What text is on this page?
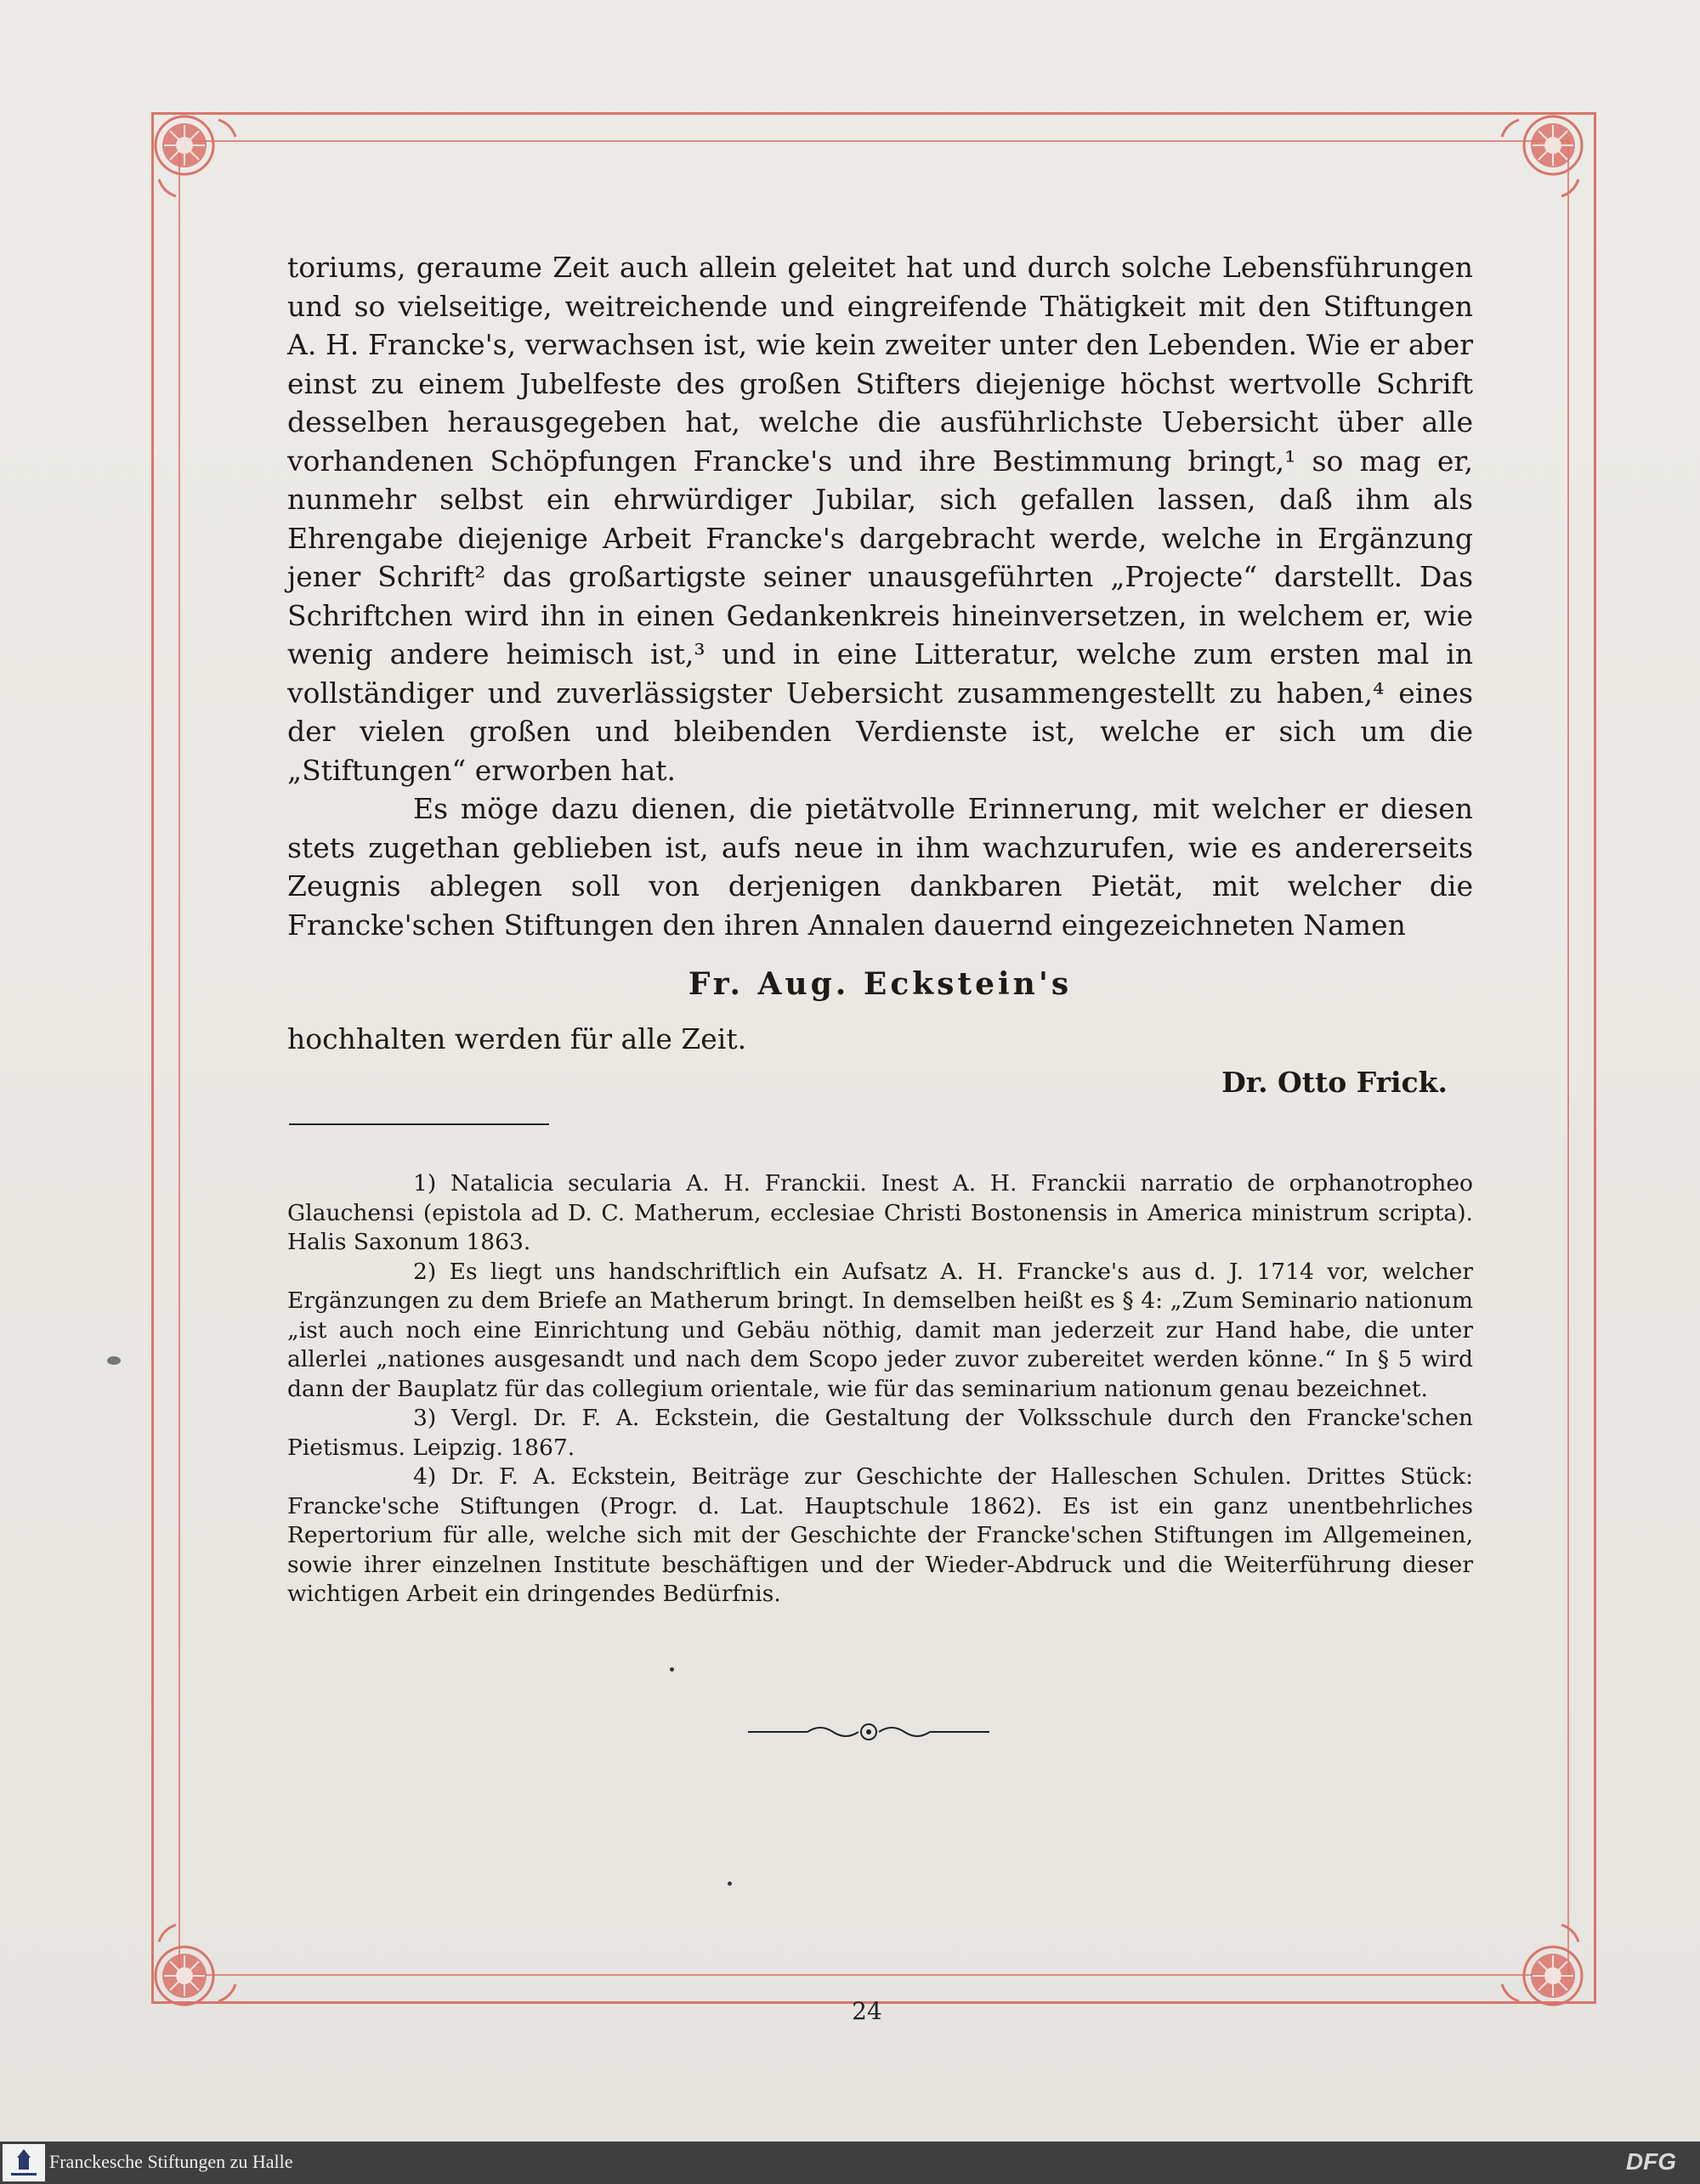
toriums, geraume Zeit auch allein geleitet hat und durch solche Lebensführungen und so vielseitige, weitreichende und eingreifende Thätigkeit mit den Stiftungen A. H. Francke's, verwachsen ist, wie kein zweiter unter den Lebenden. Wie er aber einst zu einem Jubelfeste des großen Stifters diejenige höchst wertvolle Schrift desselben herausgegeben hat, welche die ausführlichste Uebersicht über alle vorhandenen Schöpfungen Francke's und ihre Bestimmung bringt,¹ so mag er, nunmehr selbst ein ehrwürdiger Jubilar, sich gefallen lassen, daß ihm als Ehrengabe diejenige Arbeit Francke's dargebracht werde, welche in Ergänzung jener Schrift² das großartigste seiner unausgeführten „Projecte“ darstellt. Das Schriftchen wird ihn in einen Gedankenkreis hineinversetzen, in welchem er, wie wenig andere heimisch ist,³ und in eine Litteratur, welche zum ersten mal in vollständiger und zuverlässigster Uebersicht zusammengestellt zu haben,⁴ eines der vielen großen und bleibenden Verdienste ist, welche er sich um die „Stiftungen“ erworben hat.

Es möge dazu dienen, die pietätvolle Erinnerung, mit welcher er diesen stets zugethan geblieben ist, aufs neue in ihm wachzurufen, wie es andererseits Zeugnis ablegen soll von derjenigen dankbaren Pietät, mit welcher die Francke'schen Stiftungen den ihren Annalen dauernd eingezeichneten Namen

Fr. Aug. Eckstein's

hochhalten werden für alle Zeit.

Dr. Otto Frick.

1) Natalicia secularia A. H. Franckii. Inest A. H. Franckii narratio de orphanotropheo Glauchensi (epistola ad D. C. Matherum, ecclesiae Christi Bostonensis in America ministrum scripta). Halis Saxonum 1863.

2) Es liegt uns handschriftlich ein Aufsatz A. H. Francke's aus d. J. 1714 vor, welcher Ergänzungen zu dem Briefe an Matherum bringt. In demselben heißt es § 4: „Zum Seminario nationum „ist auch noch eine Einrichtung und Gebäu nöthig, damit man jederzeit zur Hand habe, die unter allerlei „nationes ausgesandt und nach dem Scopo jeder zuvor zubereitet werden könne.“ In § 5 wird dann der Bauplatz für das collegium orientale, wie für das seminarium nationum genau bezeichnet.

3) Vergl. Dr. F. A. Eckstein, die Gestaltung der Volksschule durch den Francke'schen Pietismus. Leipzig. 1867.

4) Dr. F. A. Eckstein, Beiträge zur Geschichte der Halleschen Schulen. Drittes Stück: Francke'sche Stiftungen (Progr. d. Lat. Hauptschule 1862). Es ist ein ganz unentbehrliches Repertorium für alle, welche sich mit der Geschichte der Francke'schen Stiftungen im Allgemeinen, sowie ihrer einzelnen Institute beschäftigen und der Wieder-Abdruck und die Weiterführung dieser wichtigen Arbeit ein dringendes Bedürfnis.

24
Franckesche Stiftungen zu Halle	DFG
